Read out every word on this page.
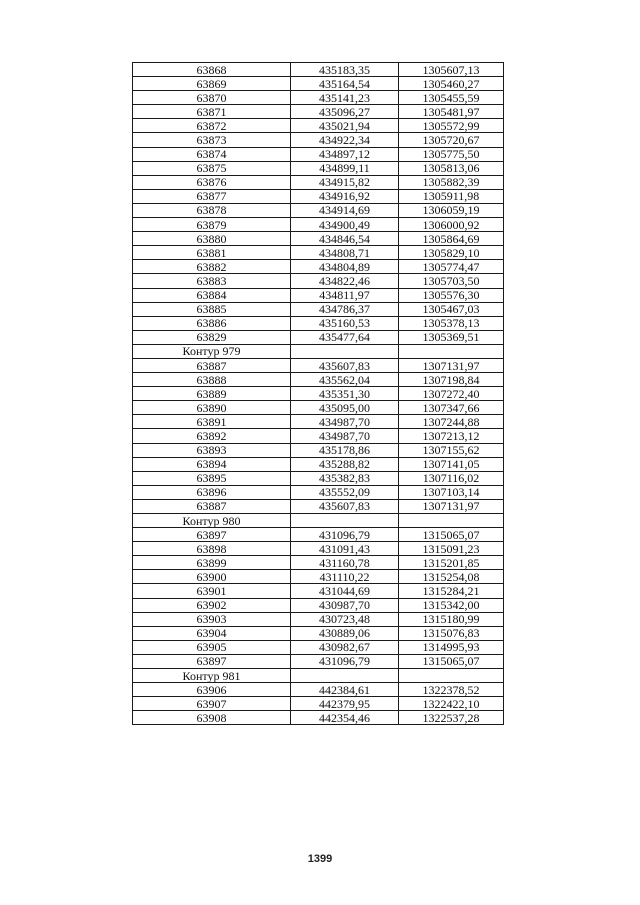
63868	435183,35	1305607,13
63869	435164,54	1305460,27
63870	435141,23	1305455,59
63871	435096,27	1305481,97
63872	435021,94	1305572,99
63873	434922,34	1305720,67
63874	434897,12	1305775,50
63875	434899,11	1305813,06
63876	434915,82	1305882,39
63877	434916,92	1305911,98
63878	434914,69	1306059,19
63879	434900,49	1306000,92
63880	434846,54	1305864,69
63881	434808,71	1305829,10
63882	434804,89	1305774,47
63883	434822,46	1305703,50
63884	434811,97	1305576,30
63885	434786,37	1305467,03
63886	435160,53	1305378,13
63829	435477,64	1305369,51
Контур 979		
63887	435607,83	1307131,97
63888	435562,04	1307198,84
63889	435351,30	1307272,40
63890	435095,00	1307347,66
63891	434987,70	1307244,88
63892	434987,70	1307213,12
63893	435178,86	1307155,62
63894	435288,82	1307141,05
63895	435382,83	1307116,02
63896	435552,09	1307103,14
63887	435607,83	1307131,97
Контур 980		
63897	431096,79	1315065,07
63898	431091,43	1315091,23
63899	431160,78	1315201,85
63900	431110,22	1315254,08
63901	431044,69	1315284,21
63902	430987,70	1315342,00
63903	430723,48	1315180,99
63904	430889,06	1315076,83
63905	430982,67	1314995,93
63897	431096,79	1315065,07
Контур 981		
63906	442384,61	1322378,52
63907	442379,95	1322422,10
63908	442354,46	1322537,28
1399
